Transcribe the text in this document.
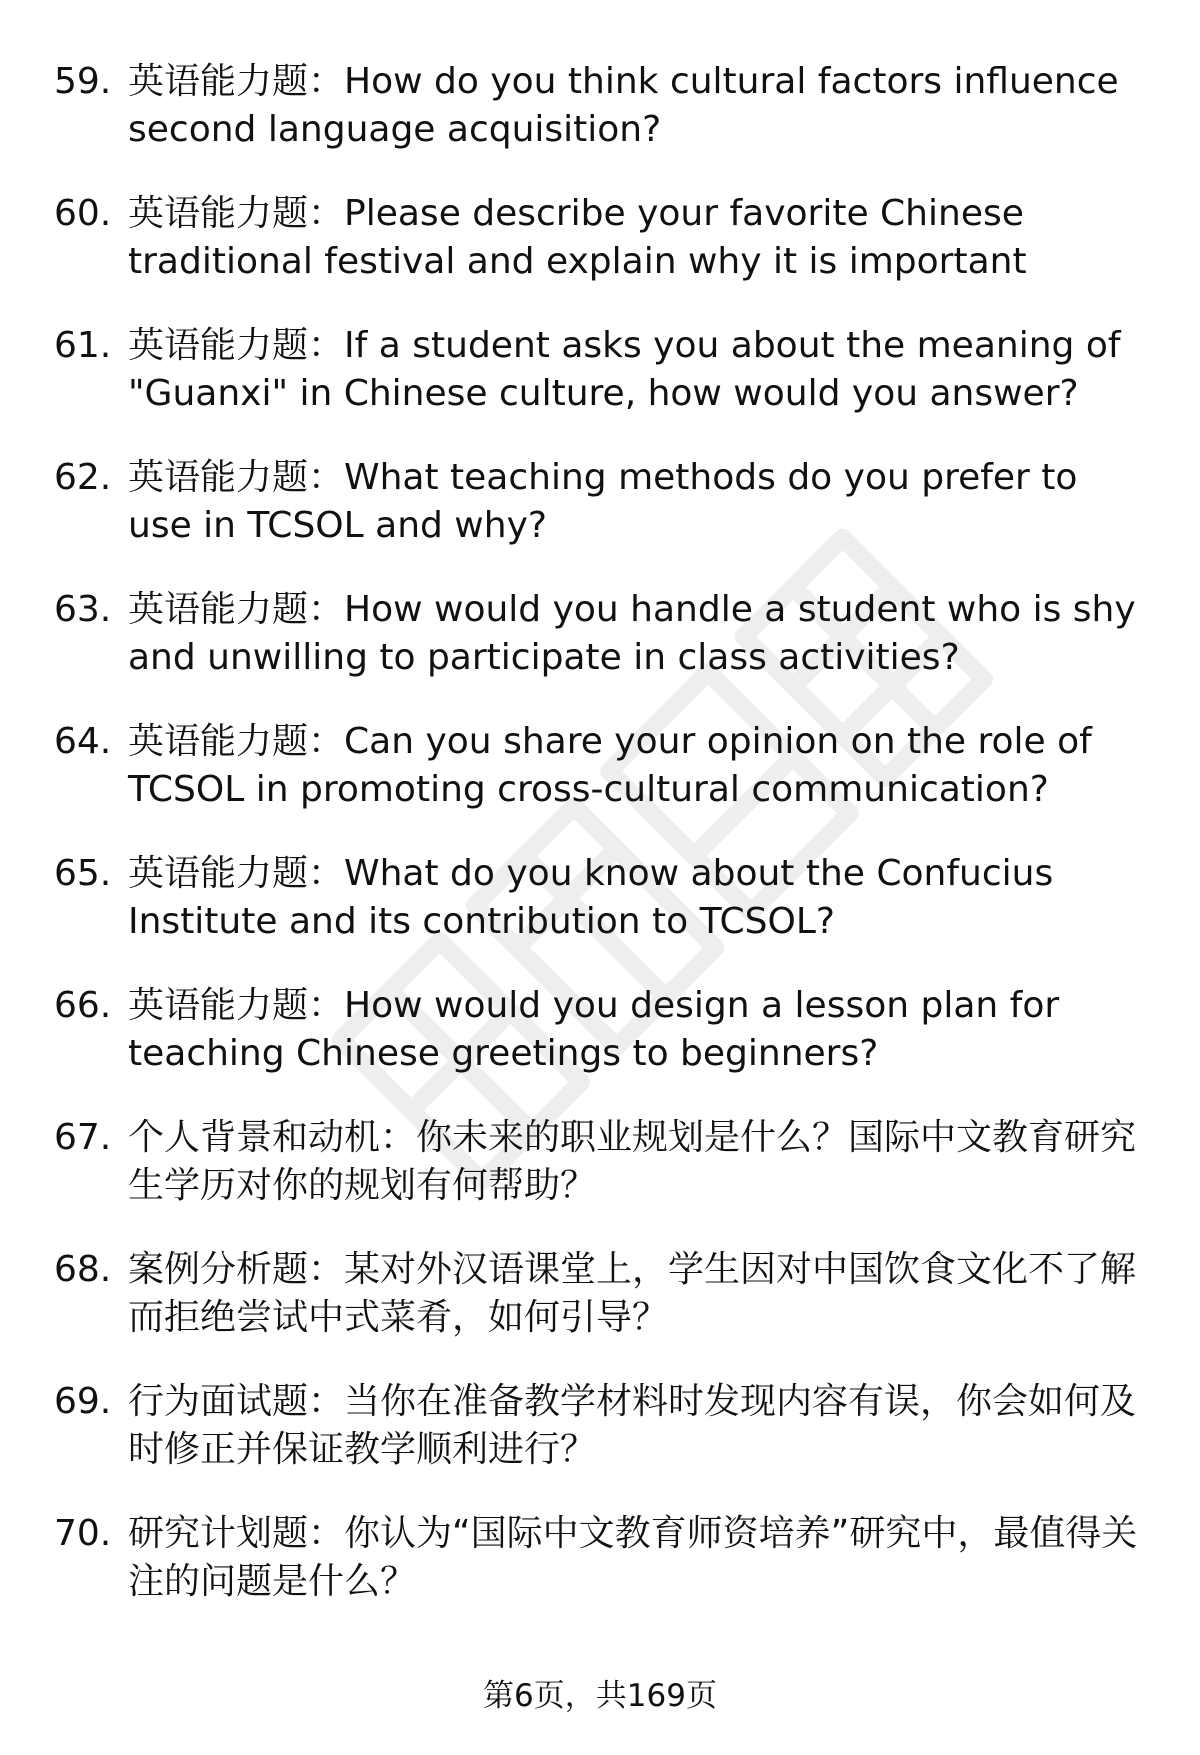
59. 英语能力题：How do you think cultural factors influence second language acquisition?
60. 英语能力题：Please describe your favorite Chinese traditional festival and explain why it is important
61. 英语能力题：If a student asks you about the meaning of "Guanxi" in Chinese culture, how would you answer?
62. 英语能力题：What teaching methods do you prefer to use in TCSOL and why?
63. 英语能力题：How would you handle a student who is shy and unwilling to participate in class activities?
64. 英语能力题：Can you share your opinion on the role of TCSOL in promoting cross-cultural communication?
65. 英语能力题：What do you know about the Confucius Institute and its contribution to TCSOL?
66. 英语能力题：How would you design a lesson plan for teaching Chinese greetings to beginners?
67. 个人背景和动机：你未来的职业规划是什么？国际中文教育研究生学历对你的规划有何帮助？
68. 案例分析题：某对外汉语课堂上，学生因对中国饮食文化不了解而拒绝尝试中式菜肴，如何引导？
69. 行为面试题：当你在准备教学材料时发现内容有误，你会如何及时修正并保证教学顺利进行？
70. 研究计划题：你认为“国际中文教育师资培养”研究中，最值得关注的问题是什么？
第6页，共169页
